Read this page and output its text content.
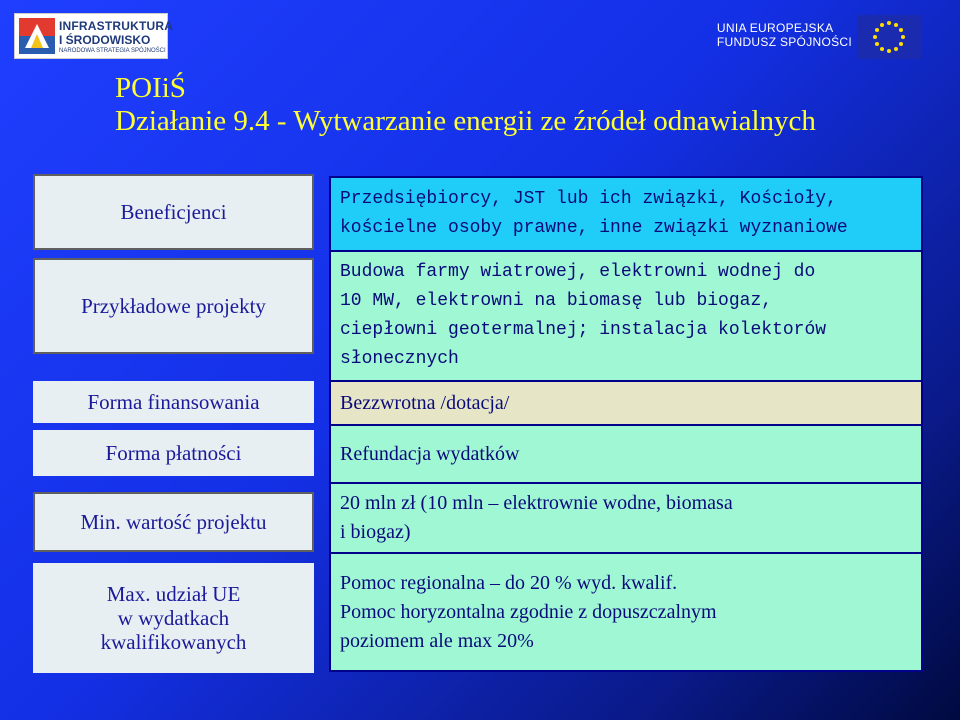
INFRASTRUKTURA
I ŚRODOWISKO
NARODOWA STRATEGIA SPÓJNOŚCI
UNIA EUROPEJSKA
FUNDUSZ SPÓJNOŚCI
POIiŚ
Działanie 9.4 - Wytwarzanie energii ze źródeł odnawialnych
Beneficjenci
Przykładowe projekty
Forma finansowania
Forma płatności
Min. wartość projektu
Max. udział UE
w wydatkach
kwalifikowanych
Przedsiębiorcy, JST lub ich związki, Kościoły,
kościelne osoby prawne, inne związki wyznaniowe
Budowa farmy wiatrowej, elektrowni wodnej do
10 MW, elektrowni na biomasę lub biogaz,
ciepłowni geotermalnej; instalacja kolektorów
słonecznych
Bezzwrotna /dotacja/
Refundacja wydatków
20 mln zł (10 mln – elektrownie wodne, biomasa
i biogaz)
Pomoc regionalna – do 20 % wyd. kwalif.
Pomoc horyzontalna zgodnie z dopuszczalnym
poziomem ale max 20%
